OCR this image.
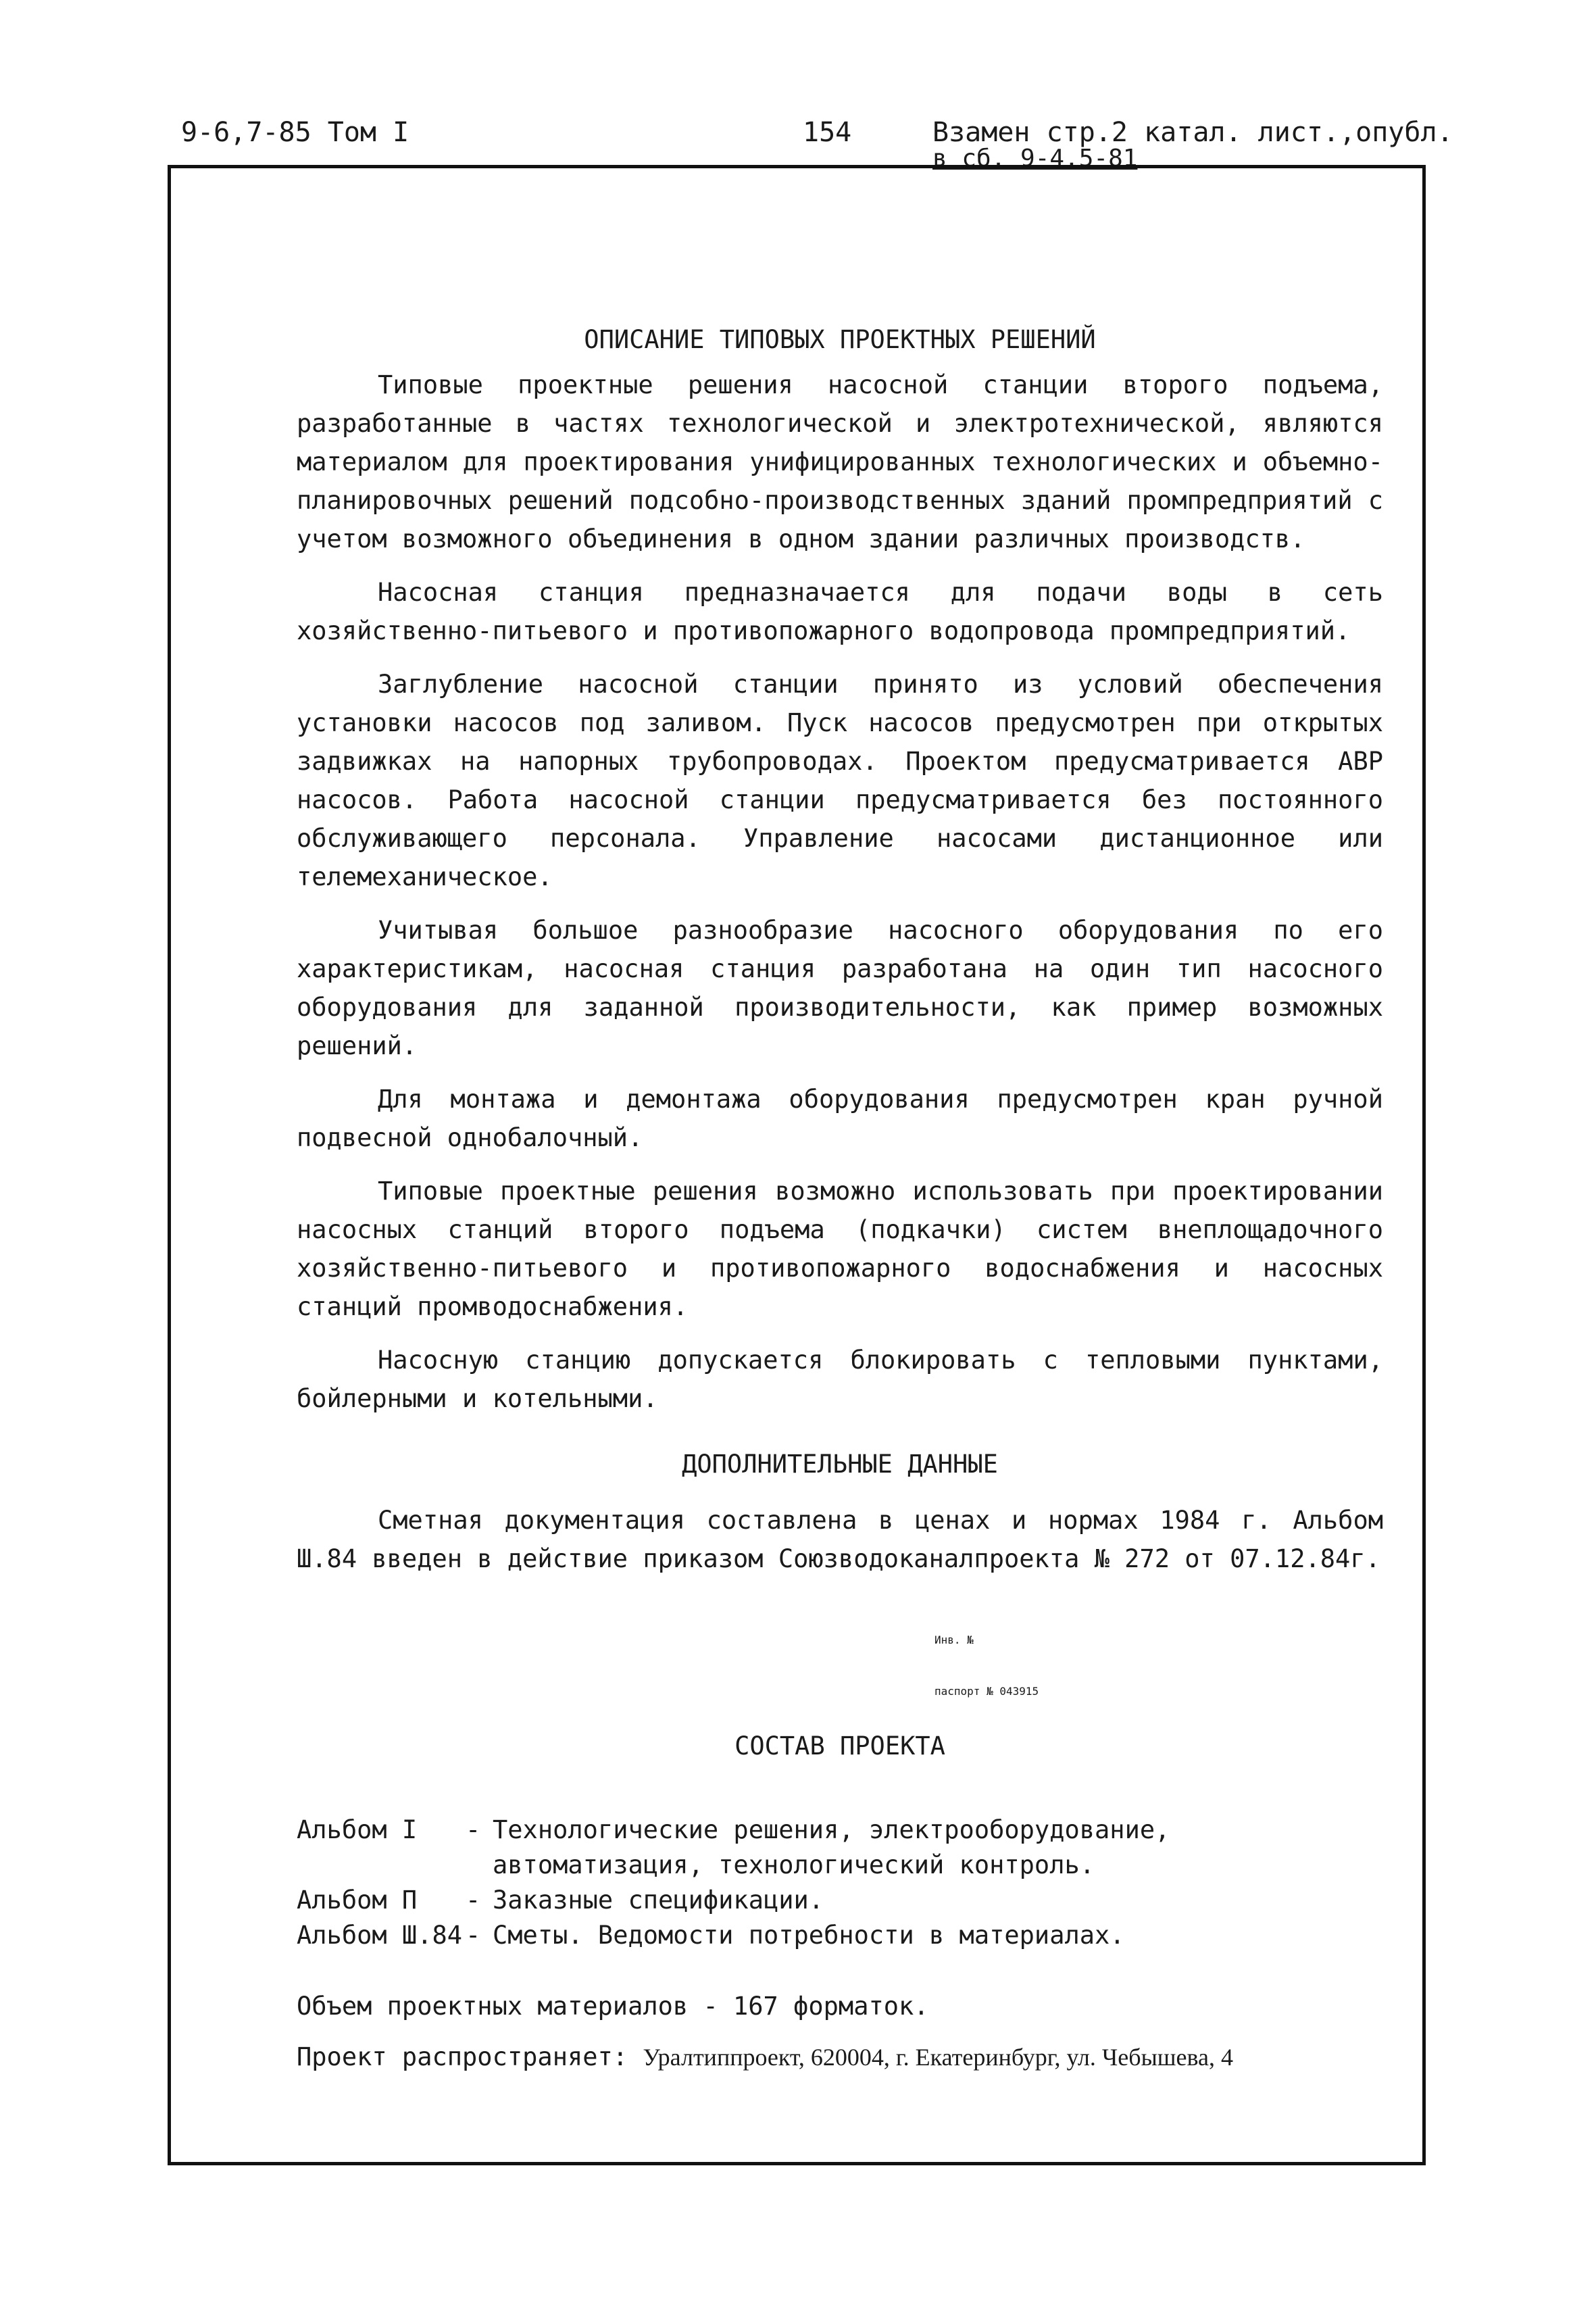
9-6,7-85 Том I	154	Взамен стр.2 катал. лист.,опубл.
в сб. 9-4.5-81
ОПИСАНИЕ ТИПОВЫХ ПРОЕКТНЫХ РЕШЕНИЙ

Типовые проектные решения насосной станции второго подъема, разработанные в частях технологической и электротехнической, являются материалом для проектирования унифицированных технологических и объемно-планировочных решений подсобно-производственных зданий промпредприятий с учетом возможного объединения в одном здании различных производств.

Насосная станция предназначается для подачи воды в сеть хозяйственно-питьевого и противопожарного водопровода промпредприятий.

Заглубление насосной станции принято из условий обеспечения установки насосов под заливом. Пуск насосов предусмотрен при открытых задвижках на напорных трубопроводах. Проектом предусматривается АВР насосов. Работа насосной станции предусматривается без постоянного обслуживающего персонала. Управление насосами дистанционное или телемеханическое.

Учитывая большое разнообразие насосного оборудования по его характеристикам, насосная станция разработана на один тип насосного оборудования для заданной производительности, как пример возможных решений.

Для монтажа и демонтажа оборудования предусмотрен кран ручной подвесной однобалочный.

Типовые проектные решения возможно использовать при проектировании насосных станций второго подъема (подкачки) систем внеплощадочного хозяйственно-питьевого и противопожарного водоснабжения и насосных станций промводоснабжения.

Насосную станцию допускается блокировать с тепловыми пунктами, бойлерными и котельными.

ДОПОЛНИТЕЛЬНЫЕ ДАННЫЕ

Сметная документация составлена в ценах и нормах 1984 г. Альбом Ш.84 введен в действие приказом Союзводоканалпроекта № 272 от 07.12.84г.

СОСТАВ ПРОЕКТА
Альбом I	-	Технологические решения, электрооборудование, автоматизация, технологический контроль.
Альбом П	-	Заказные спецификации.
Альбом Ш.84	-	Сметы. Ведомости потребности в материалах.
Объем проектных материалов - 167 форматок.
Проект распространяет: Уралтиппроект, 620004, г. Екатеринбург, ул. Чебышева, 4
Инв. №
паспорт № 043915
